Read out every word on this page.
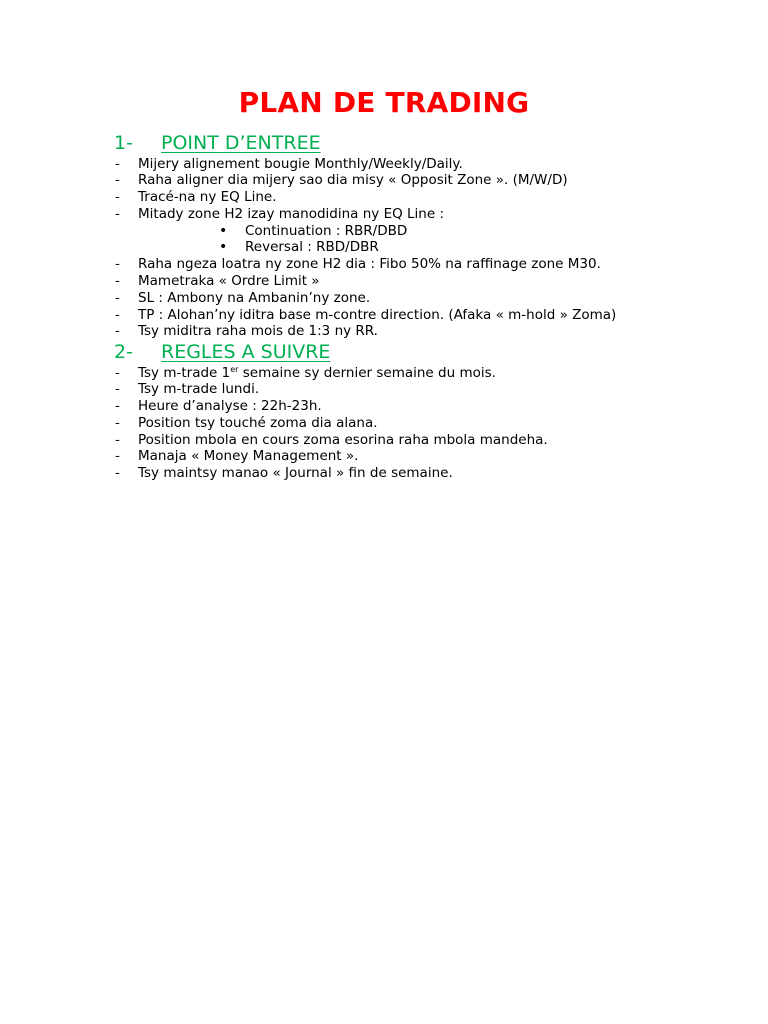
PLAN DE TRADING
1- POINT D’ENTREE
- Mijery alignement bougie Monthly/Weekly/Daily.
- Raha aligner dia mijery sao dia misy « Opposit Zone ». (M/W/D)
- Tracé-na ny EQ Line.
- Mitady zone H2 izay manodidina ny EQ Line :
• Continuation : RBR/DBD
• Reversal : RBD/DBR
- Raha ngeza loatra ny zone H2 dia : Fibo 50% na raffinage zone M30.
- Mametraka « Ordre Limit »
- SL : Ambony na Ambanin’ny zone.
- TP : Alohan’ny iditra base m-contre direction. (Afaka « m-hold » Zoma)
- Tsy miditra raha mois de 1:3 ny RR.
2- REGLES A SUIVRE
- Tsy m-trade 1er semaine sy dernier semaine du mois.
- Tsy m-trade lundi.
- Heure d’analyse : 22h-23h.
- Position tsy touché zoma dia alana.
- Position mbola en cours zoma esorina raha mbola mandeha.
- Manaja « Money Management ».
- Tsy maintsy manao « Journal » fin de semaine.
